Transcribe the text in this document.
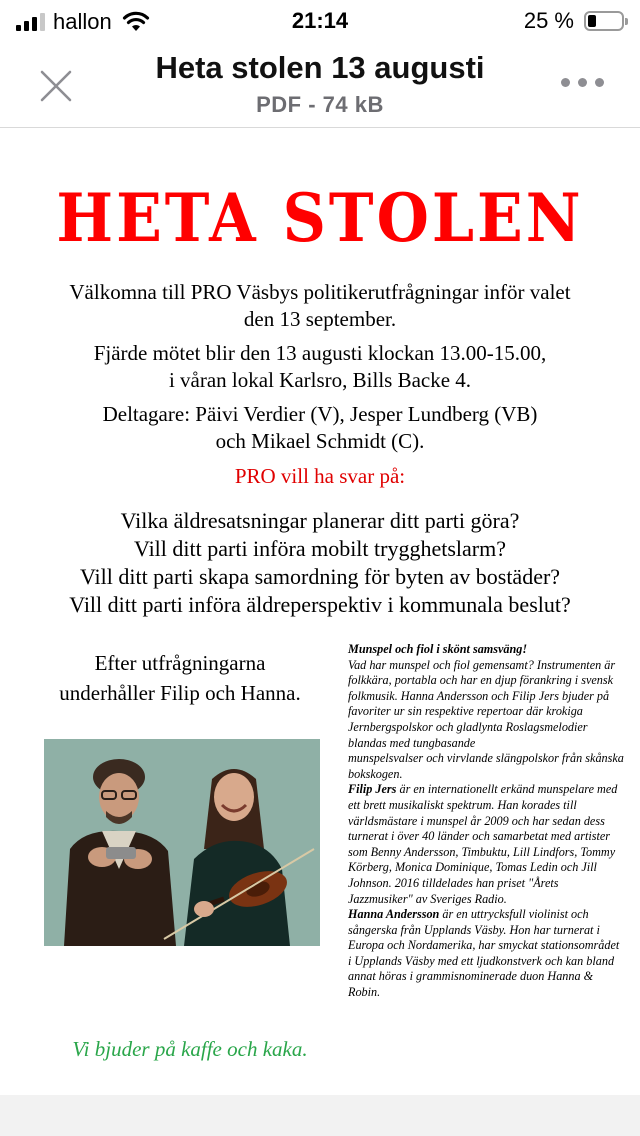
hallon	21:14	25 %
Heta stolen 13 augusti
PDF - 74 kB
HETA STOLEN
Välkomna till PRO Väsbys politikerutfrågningar inför valet
den 13 september.
Fjärde mötet blir den 13 augusti klockan 13.00-15.00,
i våran lokal Karlsro, Bills Backe 4.
Deltagare: Päivi Verdier (V), Jesper Lundberg (VB)
och Mikael Schmidt (C).
PRO vill ha svar på:
Vilka äldresatsningar planerar ditt parti göra?
Vill ditt parti införa mobilt trygghetslarm?
Vill ditt parti skapa samordning för byten av bostäder?
Vill ditt parti införa äldreperspektiv i kommunala beslut?
Efter utfrågningarna
underhåller Filip och Hanna.
Vi bjuder på kaffe och kaka.

Munspel och fiol i skönt samsväng!

Vad har munspel och fiol gemensamt? Instrumenten är folkkära, portabla och har en djup förankring i svensk folkmusik. Hanna Andersson och Filip Jers bjuder på favoriter ur sin respektive repertoar där krokiga Jernbergspolskor och gladlynta Roslagsmelodier blandas med tungbasande

munspelsvalser och virvlande slängpolskor från skånska bokskogen.

Filip Jers är en internationellt erkänd munspelare med ett brett musikaliskt spektrum. Han korades till världsmästare i munspel år 2009 och har sedan dess turnerat i över 40 länder och samarbetat med artister som Benny Andersson, Timbuktu, Lill Lindfors, Tommy Körberg, Monica Dominique, Tomas Ledin och Jill Johnson. 2016 tilldelades han priset "Årets Jazzmusiker" av Sveriges Radio.

Hanna Andersson är en uttrycksfull violinist och sångerska från Upplands Väsby. Hon har turnerat i Europa och Nordamerika, har smyckat stationsområdet i Upplands Väsby med ett ljudkonstverk och kan bland annat höras i grammisnominerade duon Hanna & Robin.
